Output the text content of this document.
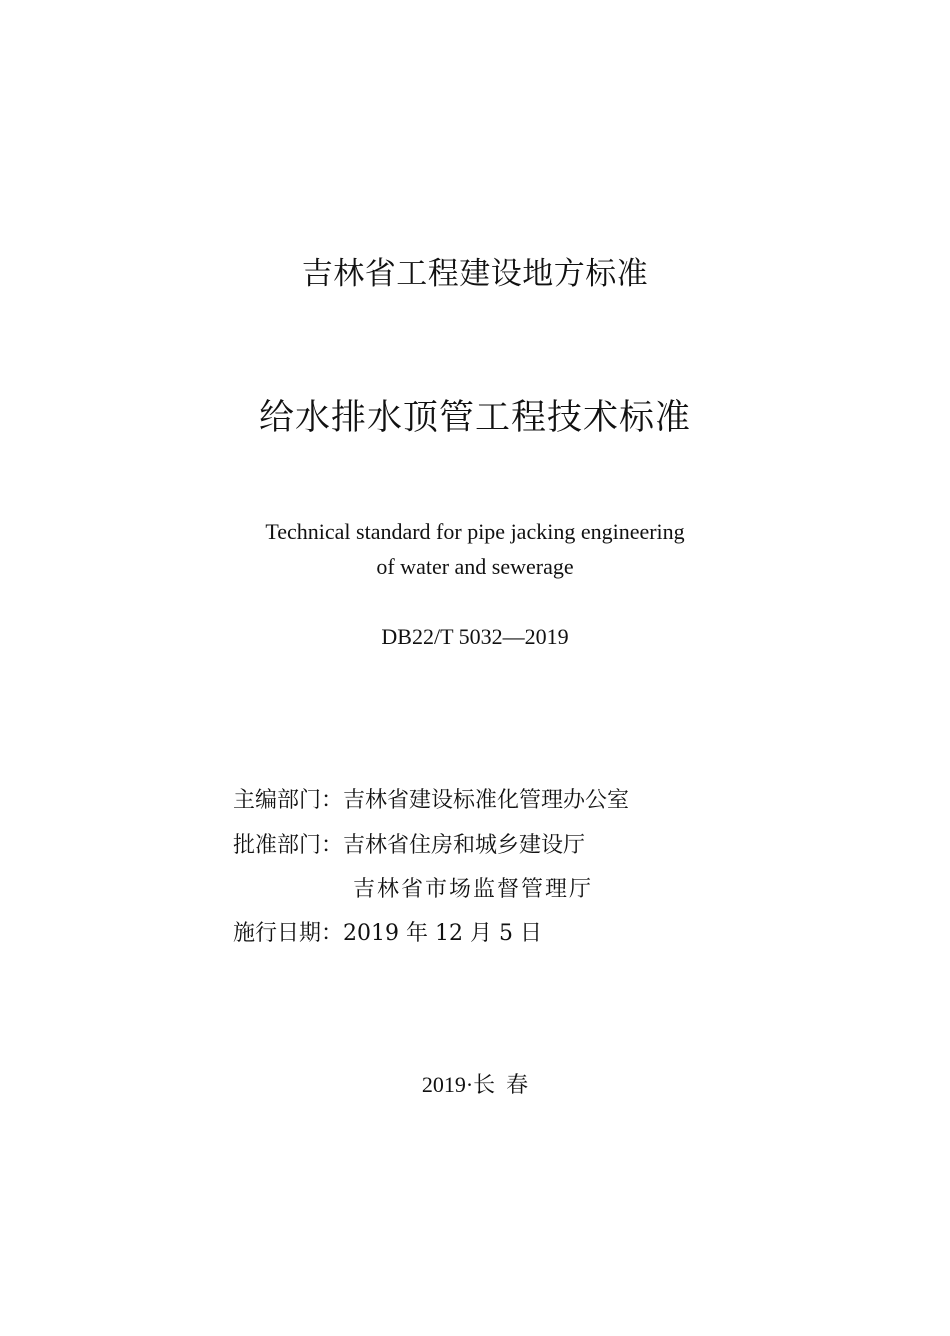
吉林省工程建设地方标准
给水排水顶管工程技术标准
Technical standard for pipe jacking engineering
of water and sewerage
DB22/T 5032—2019
主编部门：吉林省建设标准化管理办公室
批准部门：吉林省住房和城乡建设厅
吉林省市场监督管理厅
施行日期：2019 年 12 月 5 日
2019·长  春
